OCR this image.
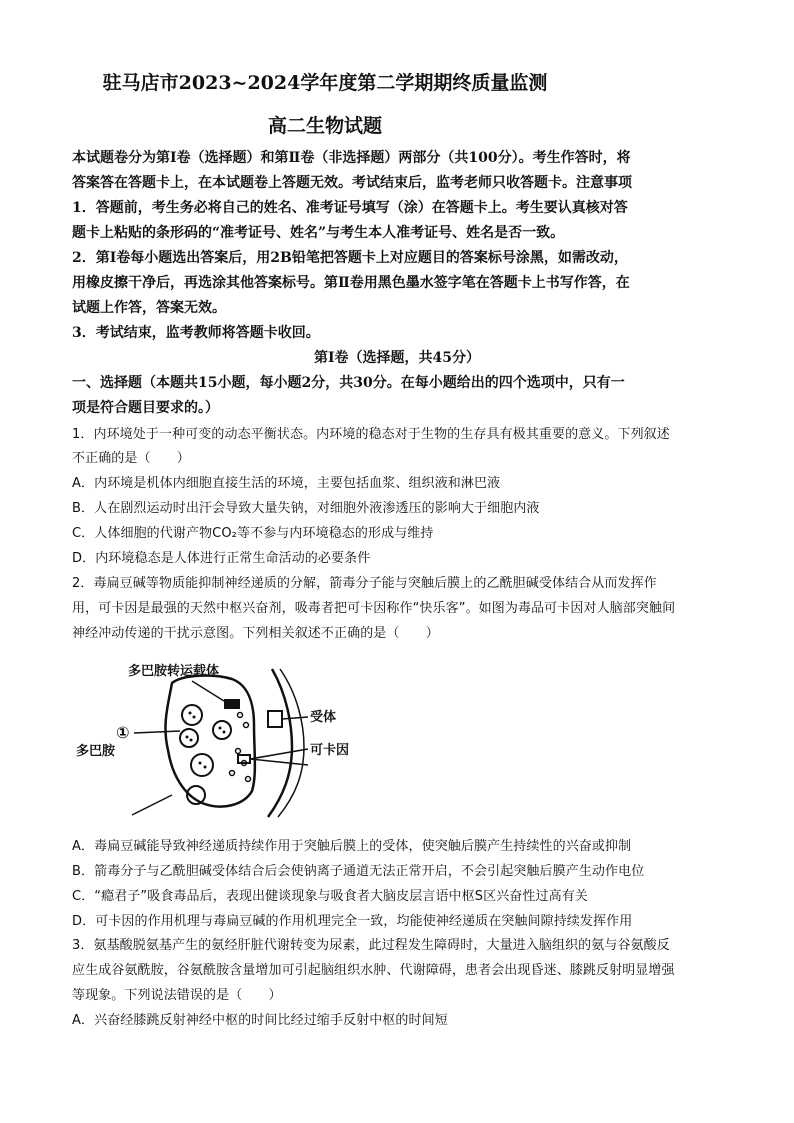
驻马店市2023~2024学年度第二学期期终质量监测
高二生物试题
本试题卷分为第Ⅰ卷（选择题）和第Ⅱ卷（非选择题）两部分（共100分）。考生作答时，将
答案答在答题卡上，在本试题卷上答题无效。考试结束后，监考老师只收答题卡。注意事项
1．答题前，考生务必将自己的姓名、准考证号填写（涂）在答题卡上。考生要认真核对答
题卡上粘贴的条形码的“准考证号、姓名”与考生本人准考证号、姓名是否一致。
2．第Ⅰ卷每小题选出答案后，用2B铅笔把答题卡上对应题目的答案标号涂黑，如需改动，
用橡皮擦干净后，再选涂其他答案标号。第Ⅱ卷用黑色墨水签字笔在答题卡上书写作答，在
试题上作答，答案无效。
3．考试结束，监考教师将答题卡收回。
第Ⅰ卷（选择题，共45分）
一、选择题（本题共15小题，每小题2分，共30分。在每小题给出的四个选项中，只有一
项是符合题目要求的。）
1．内环境处于一种可变的动态平衡状态。内环境的稳态对于生物的生存具有极其重要的意义。下列叙述
不正确的是（　　）
A．内环境是机体内细胞直接生活的环境，主要包括血浆、组织液和淋巴液
B．人在剧烈运动时出汗会导致大量失钠，对细胞外液渗透压的影响大于细胞内液
C．人体细胞的代谢产物CO₂等不参与内环境稳态的形成与维持
D．内环境稳态是人体进行正常生命活动的必要条件
2．毒扁豆碱等物质能抑制神经递质的分解，箭毒分子能与突触后膜上的乙酰胆碱受体结合从而发挥作
用，可卡因是最强的天然中枢兴奋剂，吸毒者把可卡因称作“快乐客”。如图为毒品可卡因对人脑部突触间
神经冲动传递的干扰示意图。下列相关叙述不正确的是（　　）
A．毒扁豆碱能导致神经递质持续作用于突触后膜上的受体，使突触后膜产生持续性的兴奋或抑制
B．箭毒分子与乙酰胆碱受体结合后会使钠离子通道无法正常开启，不会引起突触后膜产生动作电位
C．“瘾君子”吸食毒品后，表现出健谈现象与吸食者大脑皮层言语中枢S区兴奋性过高有关
D．可卡因的作用机理与毒扁豆碱的作用机理完全一致，均能使神经递质在突触间隙持续发挥作用
3．氨基酸脱氨基产生的氨经肝脏代谢转变为尿素，此过程发生障碍时，大量进入脑组织的氨与谷氨酸反
应生成谷氨酰胺，谷氨酰胺含量增加可引起脑组织水肿、代谢障碍，患者会出现昏迷、膝跳反射明显增强
等现象。下列说法错误的是（　　）
A．兴奋经膝跳反射神经中枢的时间比经过缩手反射中枢的时间短
多巴胺转运载体
①
多巴胺
受体
可卡因
